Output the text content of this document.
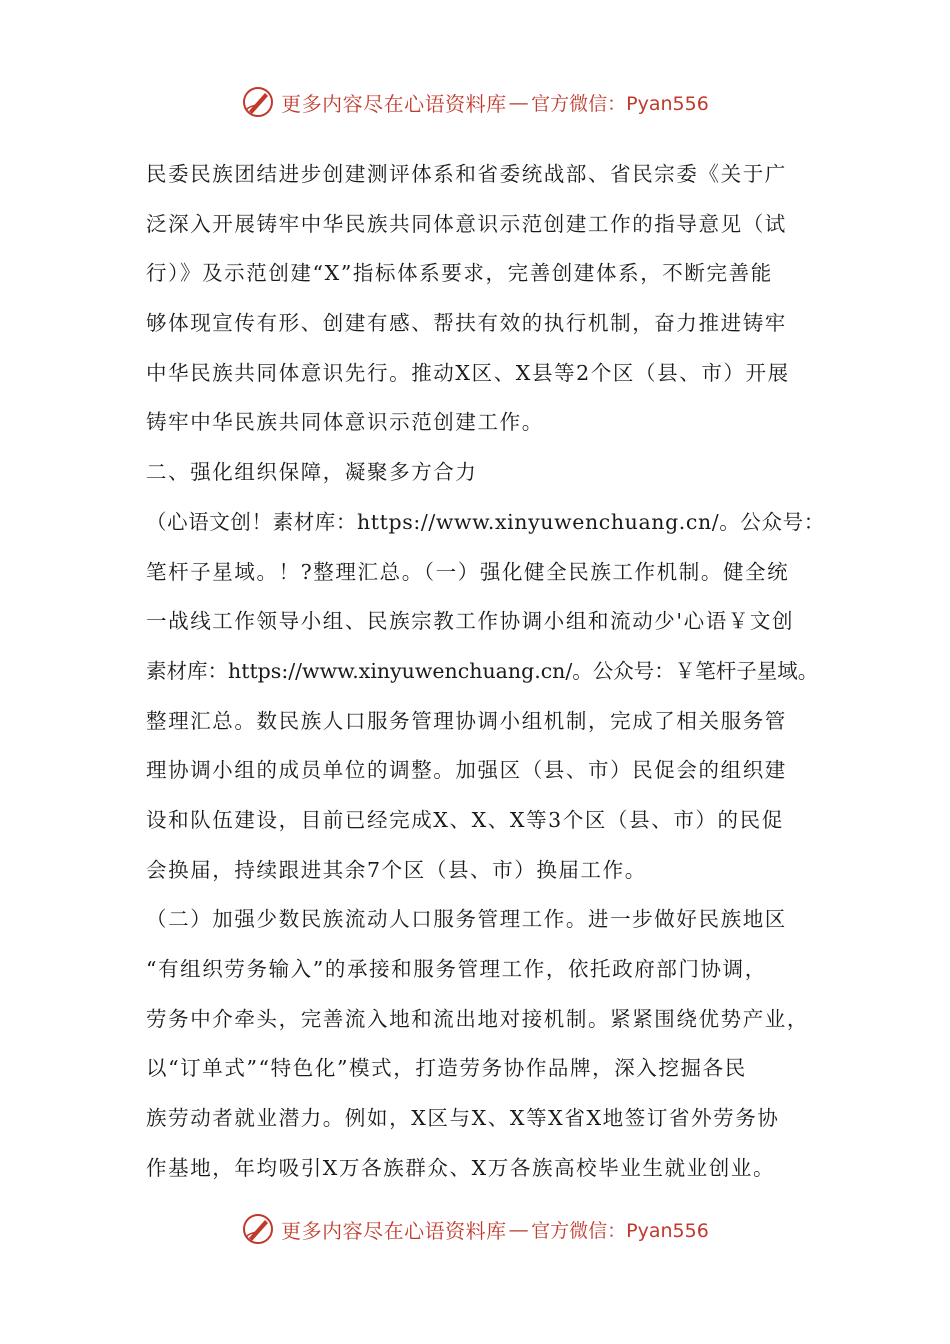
更多内容尽在心语资料库 — 官方微信：Pyan556
民委民族团结进步创建测评体系和省委统战部、省民宗委《关于广
泛深入开展铸牢中华民族共同体意识示范创建工作的指导意见（试
行）》及示范创建“X”指标体系要求，完善创建体系，不断完善能
够体现宣传有形、创建有感、帮扶有效的执行机制，奋力推进铸牢
中华民族共同体意识先行。推动X区、X县等2个区（县、市）开展
铸牢中华民族共同体意识示范创建工作。
二、强化组织保障，凝聚多方合力
（心语文创！素材库：https://www.xinyuwenchuang.cn/。公众号：
笔杆子星域。！?整理汇总。（一）强化健全民族工作机制。健全统
一战线工作领导小组、民族宗教工作协调小组和流动少'心语￥文创
素材库：https://www.xinyuwenchuang.cn/。公众号：￥笔杆子星域。
整理汇总。数民族人口服务管理协调小组机制，完成了相关服务管
理协调小组的成员单位的调整。加强区（县、市）民促会的组织建
设和队伍建设，目前已经完成X、X、X等3个区（县、市）的民促
会换届，持续跟进其余7个区（县、市）换届工作。
（二）加强少数民族流动人口服务管理工作。进一步做好民族地区
“有组织劳务输入”的承接和服务管理工作，依托政府部门协调，
劳务中介牵头，完善流入地和流出地对接机制。紧紧围绕优势产业，
以“订单式”“特色化”模式，打造劳务协作品牌，深入挖掘各民
族劳动者就业潜力。例如，X区与X、X等X省X地签订省外劳务协
作基地，年均吸引X万各族群众、X万各族高校毕业生就业创业。
更多内容尽在心语资料库 — 官方微信：Pyan556
